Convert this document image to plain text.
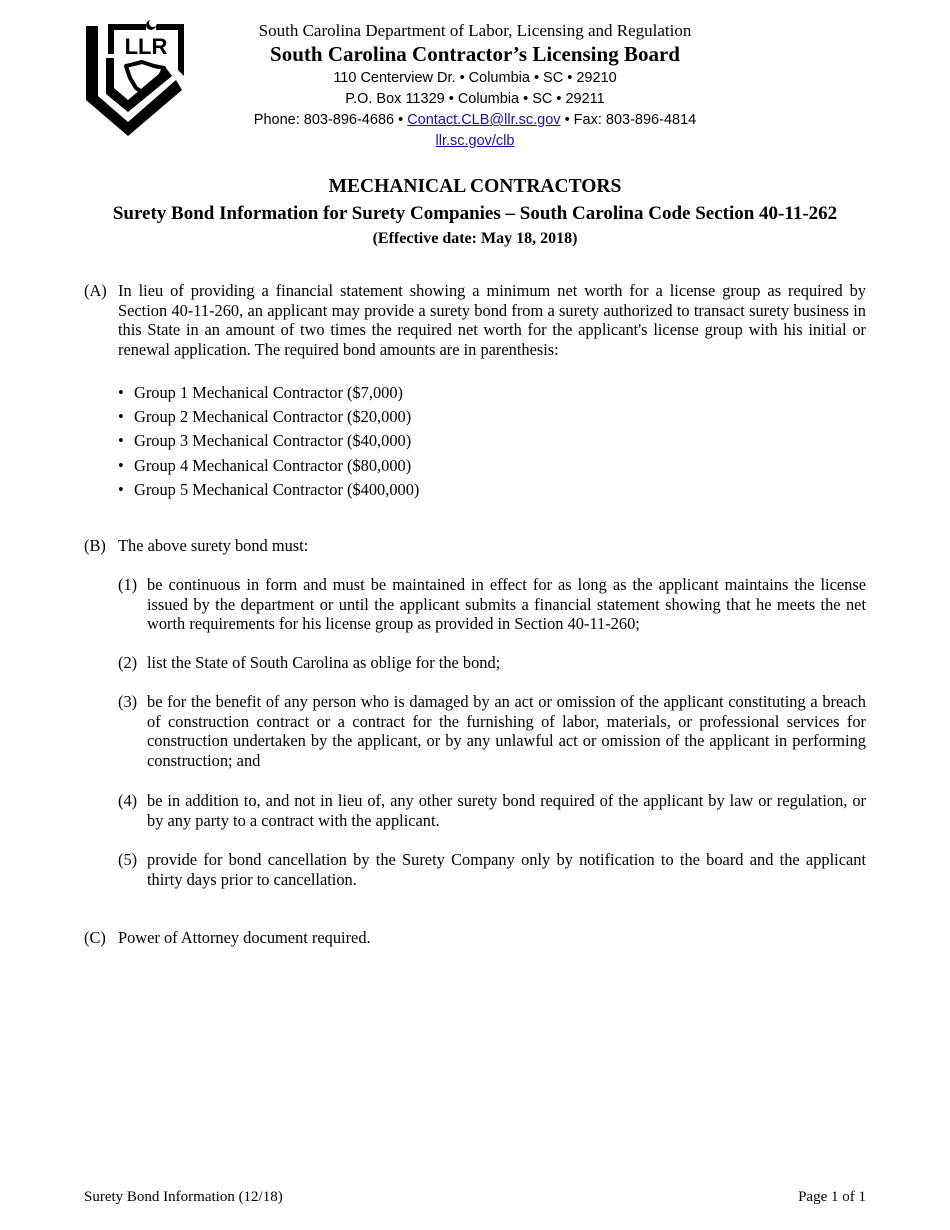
LLR
South Carolina Department of Labor, Licensing and Regulation
South Carolina Contractor’s Licensing Board
110 Centerview Dr. • Columbia • SC • 29210
P.O. Box 11329 • Columbia • SC • 29211
Phone: 803-896-4686 • Contact.CLB@llr.sc.gov • Fax: 803-896-4814
llr.sc.gov/clb
MECHANICAL CONTRACTORS
Surety Bond Information for Surety Companies – South Carolina Code Section 40-11-262
(Effective date: May 18, 2018)
(A) In lieu of providing a financial statement showing a minimum net worth for a license group as required by Section 40-11-260, an applicant may provide a surety bond from a surety authorized to transact surety business in this State in an amount of two times the required net worth for the applicant's license group with his initial or renewal application. The required bond amounts are in parenthesis:
• Group 1 Mechanical Contractor ($7,000)
• Group 2 Mechanical Contractor ($20,000)
• Group 3 Mechanical Contractor ($40,000)
• Group 4 Mechanical Contractor ($80,000)
• Group 5 Mechanical Contractor ($400,000)
(B) The above surety bond must:
(1) be continuous in form and must be maintained in effect for as long as the applicant maintains the license issued by the department or until the applicant submits a financial statement showing that he meets the net worth requirements for his license group as provided in Section 40-11-260;
(2) list the State of South Carolina as oblige for the bond;
(3) be for the benefit of any person who is damaged by an act or omission of the applicant constituting a breach of construction contract or a contract for the furnishing of labor, materials, or professional services for construction undertaken by the applicant, or by any unlawful act or omission of the applicant in performing construction; and
(4) be in addition to, and not in lieu of, any other surety bond required of the applicant by law or regulation, or by any party to a contract with the applicant.
(5) provide for bond cancellation by the Surety Company only by notification to the board and the applicant thirty days prior to cancellation.
(C) Power of Attorney document required.
Surety Bond Information (12/18)	Page 1 of 1
